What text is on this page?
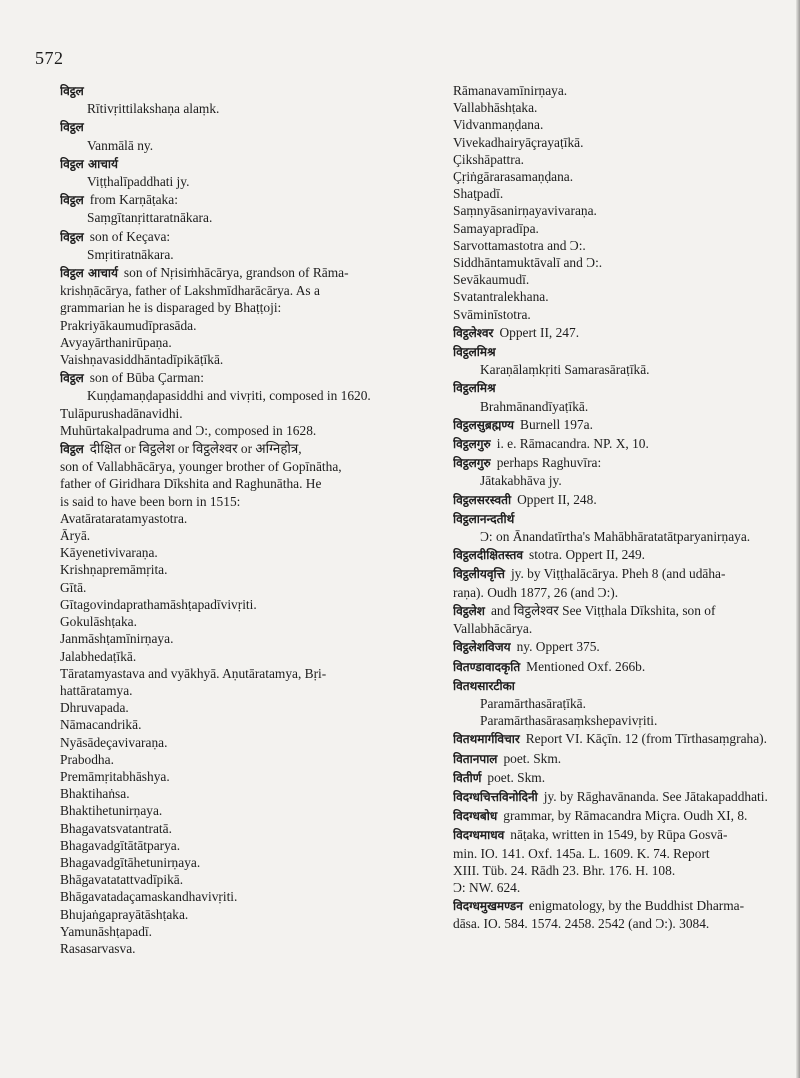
572
विट्ठल
Rītivṛittilakshaṇa alaṃk.
विट्ठल
Vanmālā ny.
विट्ठल आचार्य
Viṭṭhalīpaddhati jy.
विट्ठल from Karṇāṭaka:
Saṃgītanṛittaratnākara.
विट्ठल son of Keçava:
Smṛitiratnākara.
विट्ठल आचार्य son of Nṛisiṁhācārya, grandson of Rāma-
krishṇācārya, father of Lakshmīdharācārya. As a
grammarian he is disparaged by Bhaṭṭoji:
Prakriyākaumudīprasāda.
Avyayārthanirūpaṇa.
Vaishṇavasiddhāntadīpikāṭīkā.
विट्ठल son of Būba Çarman:
Kuṇḍamaṇḍapasiddhi and vivṛiti, composed in 1620.
Tulāpurushadānavidhi.
Muhūrtakalpadruma and Ɔ:, composed in 1628.
विट्ठल दीक्षित or विट्ठलेश or विट्ठलेश्वर or अग्निहोत्र,
son of Vallabhācārya, younger brother of Gopīnātha,
father of Giridhara Dīkshita and Raghunātha. He
is said to have been born in 1515:
Avatārataratamyastotra.
Āryā.
Kāyenetivivaraṇa.
Krishṇapremāmṛita.
Gītā.
Gītagovindaprathamāshṭapadīvivṛiti.
Gokulāshṭaka.
Janmāshṭamīnirṇaya.
Jalabhedaṭīkā.
Tāratamyastava and vyākhyā. Aṇutāratamya, Bṛi-
hattāratamya.
Dhruvapada.
Nāmacandrikā.
Nyāsādeçavivaraṇa.
Prabodha.
Premāmṛitabhāshya.
Bhaktihaṅsa.
Bhaktihetunirṇaya.
Bhagavatsvatantratā.
Bhagavadgītātātparya.
Bhagavadgītāhetunirṇaya.
Bhāgavatatattvadīpikā.
Bhāgavatadaçamaskandhavivṛiti.
Bhujaṅgaprayātāshṭaka.
Yamunāshṭapadī.
Rasasarvasva.
Rāmanavamīnirṇaya.
Vallabhāshṭaka.
Vidvanmaṇḍana.
Vivekadhairyāçrayaṭīkā.
Çikshāpattra.
Çṛiṅgārarasamaṇḍana.
Shaṭpadī.
Saṃnyāsanirṇayavivaraṇa.
Samayapradīpa.
Sarvottamastotra and Ɔ:.
Siddhāntamuktāvalī and Ɔ:.
Sevākaumudī.
Svatantralekhana.
Svāminīstotra.
विट्ठलेश्वर Oppert II, 247.
विट्ठलमिश्र
Karaṇālaṃkṛiti Samarasāraṭīkā.
विट्ठलमिश्र
Brahmānandīyaṭīkā.
विट्ठलसुब्रह्मण्य Burnell 197a.
विट्ठलगुरु i. e. Rāmacandra. NP. X, 10.
विट्ठलगुरु perhaps Raghuvīra:
Jātakabhāva jy.
विट्ठलसरस्वती Oppert II, 248.
विट्ठलानन्दतीर्थ
Ɔ: on Ānandatīrtha's Mahābhāratatātparyanirṇaya.
विट्ठलदीक्षितस्तव stotra. Oppert II, 249.
विट्ठलीयवृत्ति jy. by Viṭṭhalācārya. Pheh 8 (and udāha-
raṇa). Oudh 1877, 26 (and Ɔ:).
विट्ठलेश and विट्ठलेश्वर See Viṭṭhala Dīkshita, son of
Vallabhācārya.
विट्ठलेशविजय ny. Oppert 375.
वितण्डावादकृति Mentioned Oxf. 266b.
वितथसारटीका
Paramārthasāraṭīkā.
Paramārthasārasaṃkshepavivṛiti.
वितथमार्गविचार Report VI. Kāçīn. 12 (from Tīrthasaṃgraha).
वितानपाल poet. Skm.
वितीर्ण poet. Skm.
विदग्धचित्तविनोदिनी jy. by Rāghavānanda. See Jātakapaddhati.
विदग्धबोध grammar, by Rāmacandra Miçra. Oudh XI, 8.
विदग्धमाधव nāṭaka, written in 1549, by Rūpa Gosvā-
min. IO. 141. Oxf. 145a. L. 1609. K. 74. Report
XIII. Tüb. 24. Rādh 23. Bhr. 176. H. 108.
Ɔ: NW. 624.
विदग्धमुखमण्डन enigmatology, by the Buddhist Dharma-
dāsa. IO. 584. 1574. 2458. 2542 (and Ɔ:). 3084.
